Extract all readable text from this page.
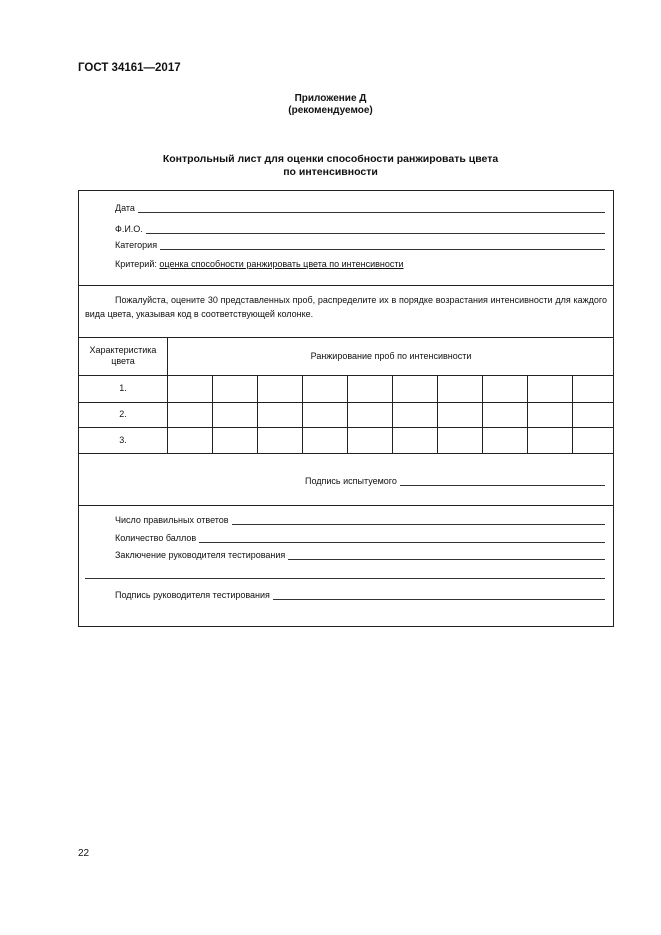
ГОСТ 34161—2017
Приложение Д
(рекомендуемое)
Контрольный лист для оценки способности ранжировать цвета
по интенсивности
Дата
Ф.И.О.
Категория
Критерий: оценка способности ранжировать цвета по интенсивности
Пожалуйста, оцените 30 представленных проб, распределите их в порядке возрастания интенсивности для каждого вида цвета, указывая код в соответствующей колонке.
Характеристика цвета
Ранжирование проб по интенсивности
1.
2.
3.
Подпись испытуемого
Число правильных ответов
Количество баллов
Заключение руководителя тестирования
Подпись руководителя тестирования
22
